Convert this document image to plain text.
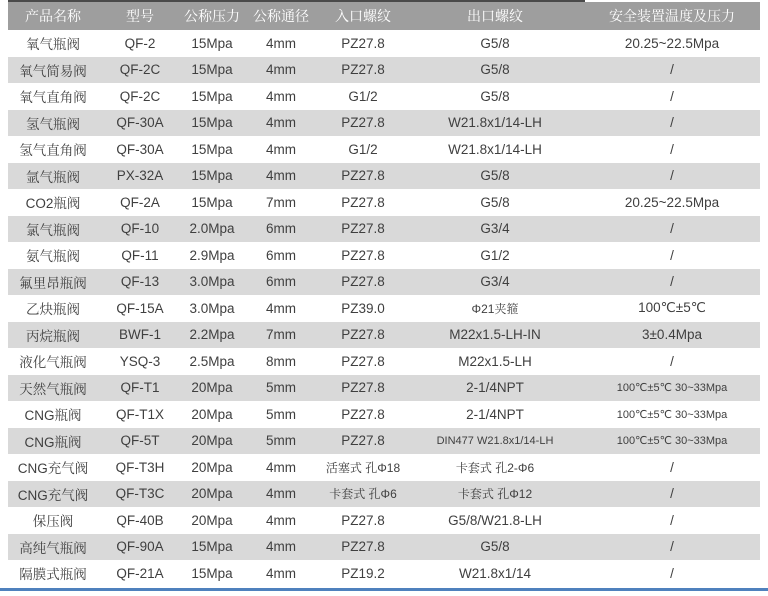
产品名称	型号	公称压力	公称通径	入口螺纹	出口螺纹	安全装置温度及压力
氧气瓶阀	QF-2	15Mpa	4mm	PZ27.8	G5/8	20.25~22.5Mpa
氧气简易阀	QF-2C	15Mpa	4mm	PZ27.8	G5/8	/
氧气直角阀	QF-2C	15Mpa	4mm	G1/2	G5/8	/
氢气瓶阀	QF-30A	15Mpa	4mm	PZ27.8	W21.8x1/14-LH	/
氢气直角阀	QF-30A	15Mpa	4mm	G1/2	W21.8x1/14-LH	/
氩气瓶阀	PX-32A	15Mpa	4mm	PZ27.8	G5/8	/
CO2瓶阀	QF-2A	15Mpa	7mm	PZ27.8	G5/8	20.25~22.5Mpa
氯气瓶阀	QF-10	2.0Mpa	6mm	PZ27.8	G3/4	/
氨气瓶阀	QF-11	2.9Mpa	6mm	PZ27.8	G1/2	/
氟里昂瓶阀	QF-13	3.0Mpa	6mm	PZ27.8	G3/4	/
乙炔瓶阀	QF-15A	3.0Mpa	4mm	PZ39.0	Φ21夹箍	100℃±5℃
丙烷瓶阀	BWF-1	2.2Mpa	7mm	PZ27.8	M22x1.5-LH-IN	3±0.4Mpa
液化气瓶阀	YSQ-3	2.5Mpa	8mm	PZ27.8	M22x1.5-LH	/
天然气瓶阀	QF-T1	20Mpa	5mm	PZ27.8	2-1/4NPT	100℃±5℃ 30~33Mpa
CNG瓶阀	QF-T1X	20Mpa	5mm	PZ27.8	2-1/4NPT	100℃±5℃ 30~33Mpa
CNG瓶阀	QF-5T	20Mpa	5mm	PZ27.8	DIN477 W21.8x1/14-LH	100℃±5℃ 30~33Mpa
CNG充气阀	QF-T3H	20Mpa	4mm	活塞式 孔Φ18	卡套式 孔2-Φ6	/
CNG充气阀	QF-T3C	20Mpa	4mm	卡套式 孔Φ6	卡套式 孔Φ12	/
保压阀	QF-40B	20Mpa	4mm	PZ27.8	G5/8/W21.8-LH	/
高纯气瓶阀	QF-90A	15Mpa	4mm	PZ27.8	G5/8	/
隔膜式瓶阀	QF-21A	15Mpa	4mm	PZ19.2	W21.8x1/14	/
